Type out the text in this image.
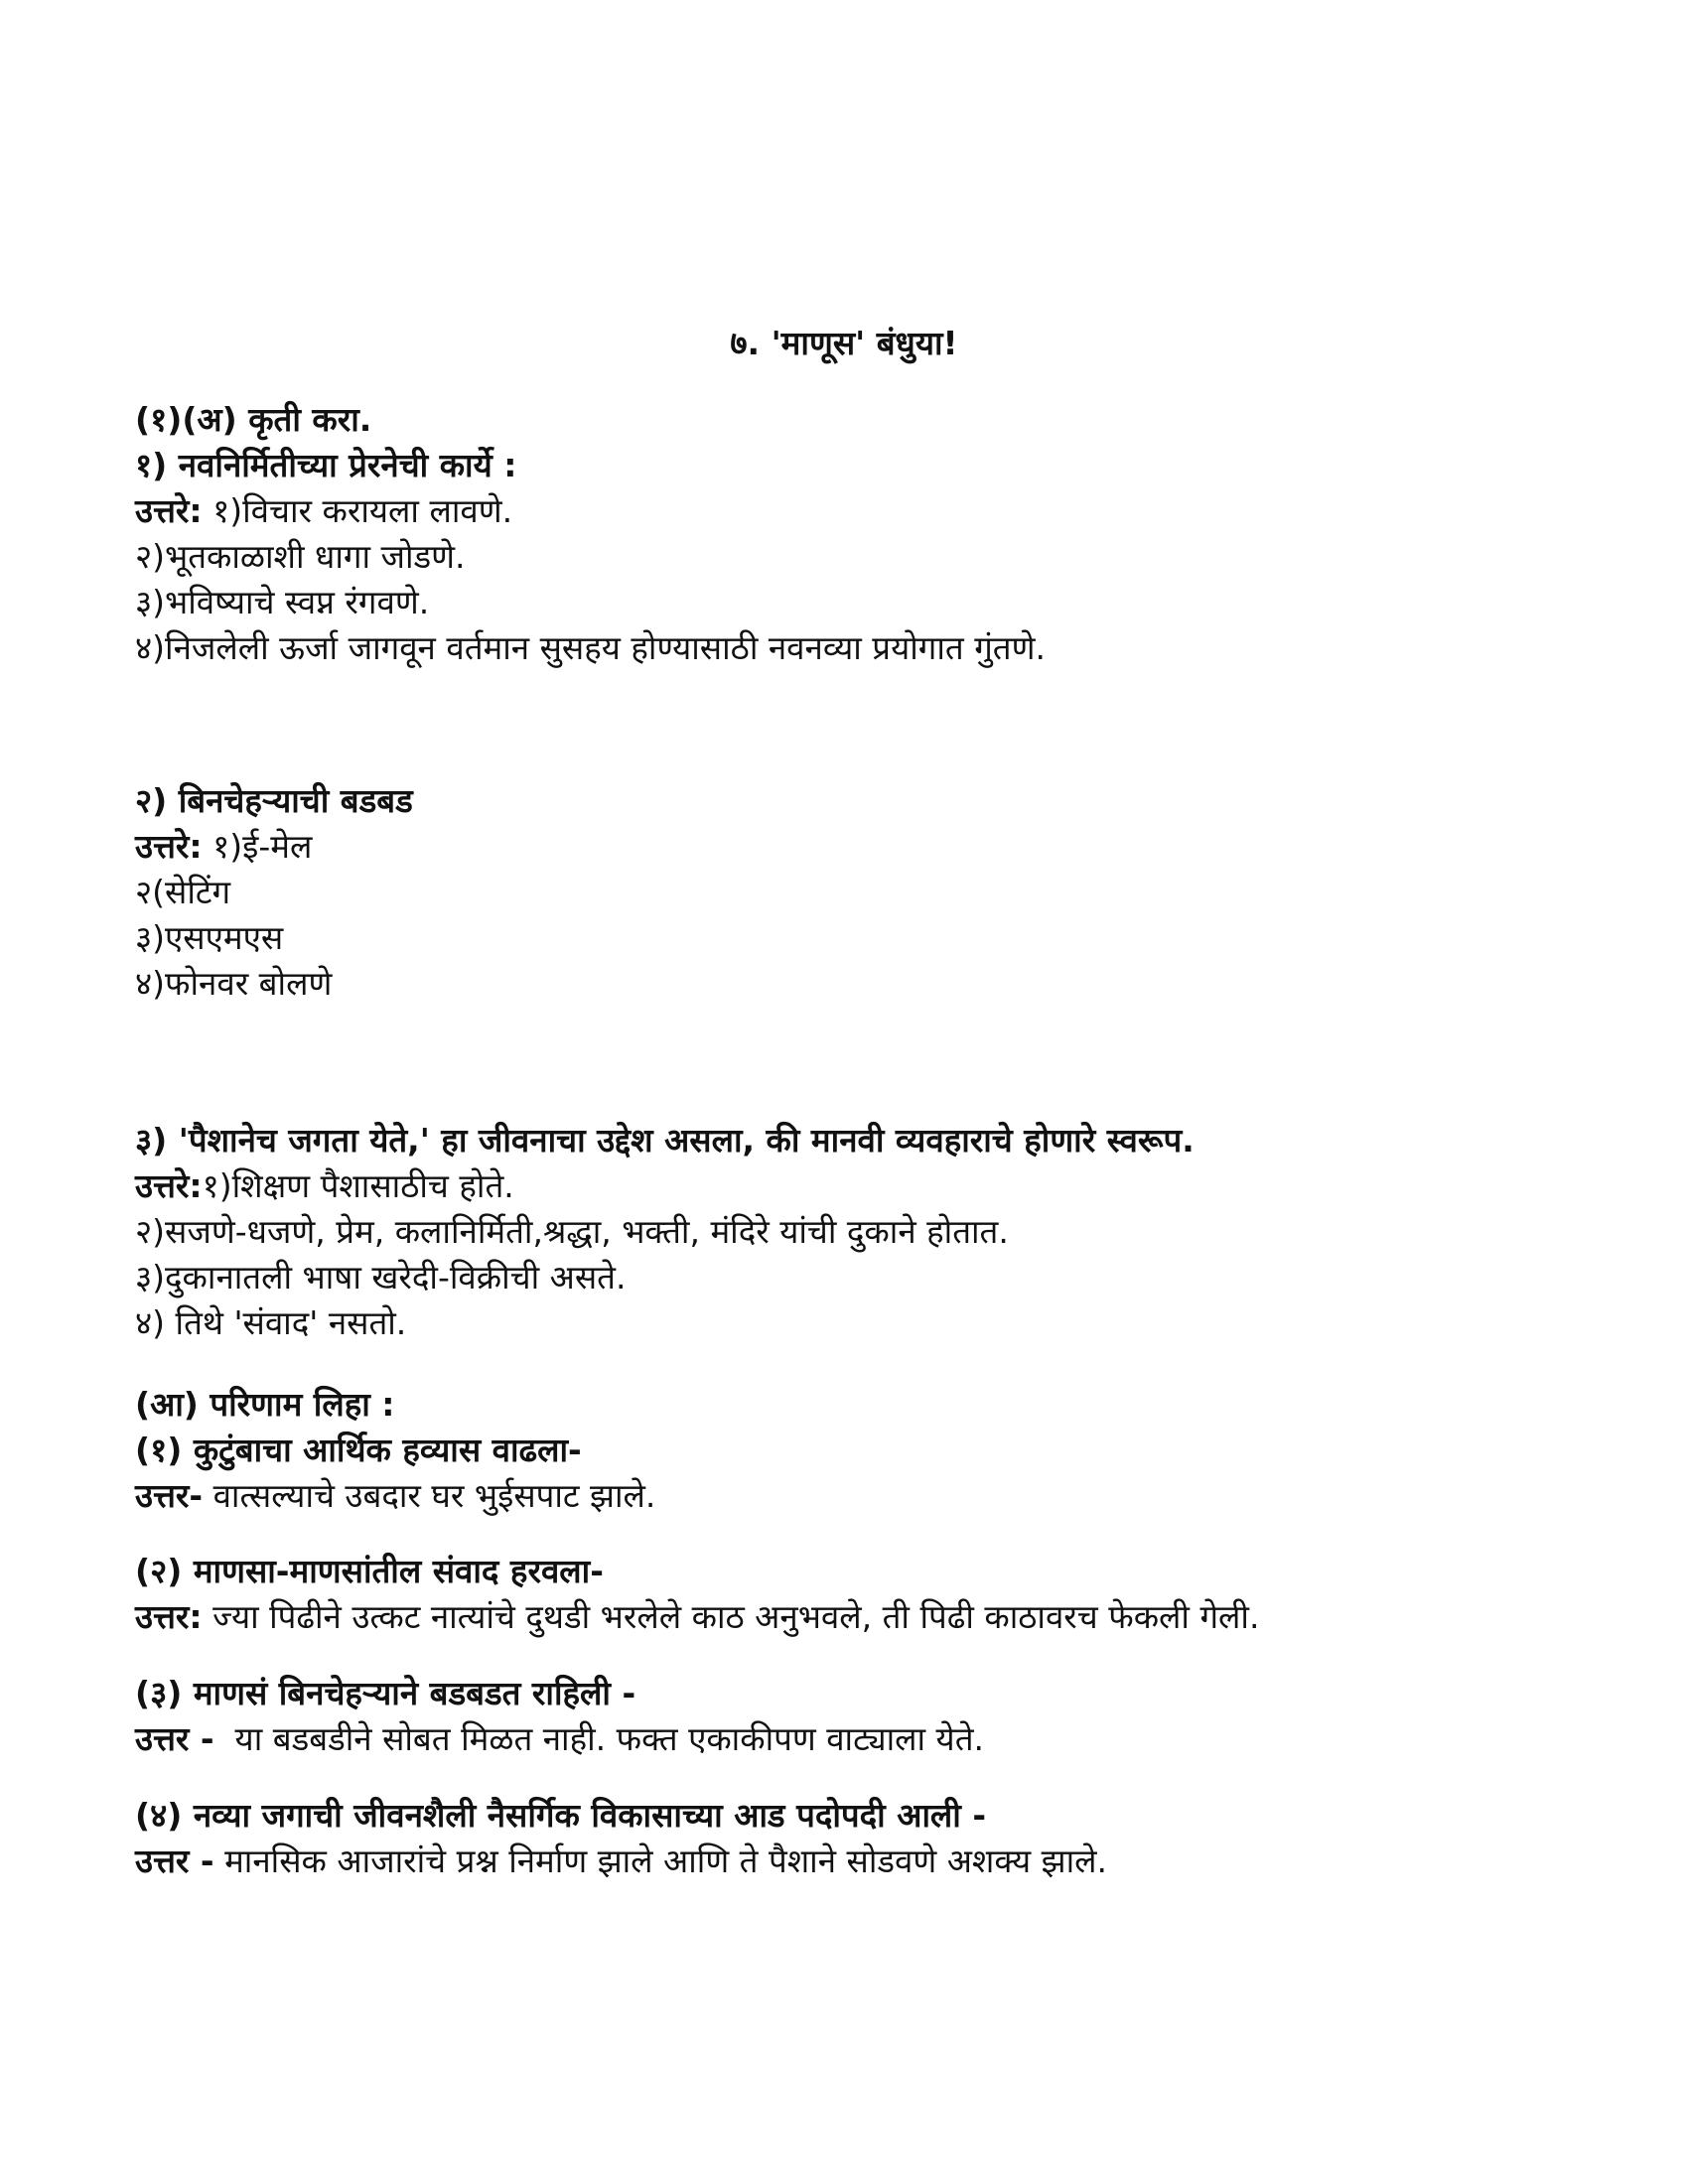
७. 'माणूस' बंधुया!
(१)(अ) कृती करा.
१) नवनिर्मितीच्या प्रेरनेची कार्ये :
उत्तरे: १)विचार करायला लावणे.
२)भूतकाळाशी धागा जोडणे.
३)भविष्याचे स्वप्न रंगवणे.
४)निजलेली ऊर्जा जागवून वर्तमान सुसहय होण्यासाठी नवनव्या प्रयोगात गुंतणे.
२) बिनचेहऱ्याची बडबड
उत्तरे: १)ई-मेल
२(सेटिंग
३)एसएमएस
४)फोनवर बोलणे
३) 'पैशानेच जगता येते,' हा जीवनाचा उद्देश असला, की मानवी व्यवहाराचे होणारे स्वरूप.
उत्तरे:१)शिक्षण पैशासाठीच होते.
२)सजणे-धजणे, प्रेम, कलानिर्मिती,श्रद्धा, भक्ती, मंदिरे यांची दुकाने होतात.
३)दुकानातली भाषा खरेदी-विक्रीची असते.
४) तिथे 'संवाद' नसतो.
(आ) परिणाम लिहा :
(१) कुटुंबाचा आर्थिक हव्यास वाढला-
उत्तर- वात्सल्याचे उबदार घर भुईसपाट झाले.
(२) माणसा-माणसांतील संवाद हरवला-
उत्तर: ज्या पिढीने उत्कट नात्यांचे दुथडी भरलेले काठ अनुभवले, ती पिढी काठावरच फेकली गेली.
(३) माणसं बिनचेहऱ्याने बडबडत राहिली -
उत्तर -  या बडबडीने सोबत मिळत नाही. फक्त एकाकीपण वाट्याला येते.
(४) नव्या जगाची जीवनशैली नैसर्गिक विकासाच्या आड पदोपदी आली -
उत्तर - मानसिक आजारांचे प्रश्न निर्माण झाले आणि ते पैशाने सोडवणे अशक्य झाले.
